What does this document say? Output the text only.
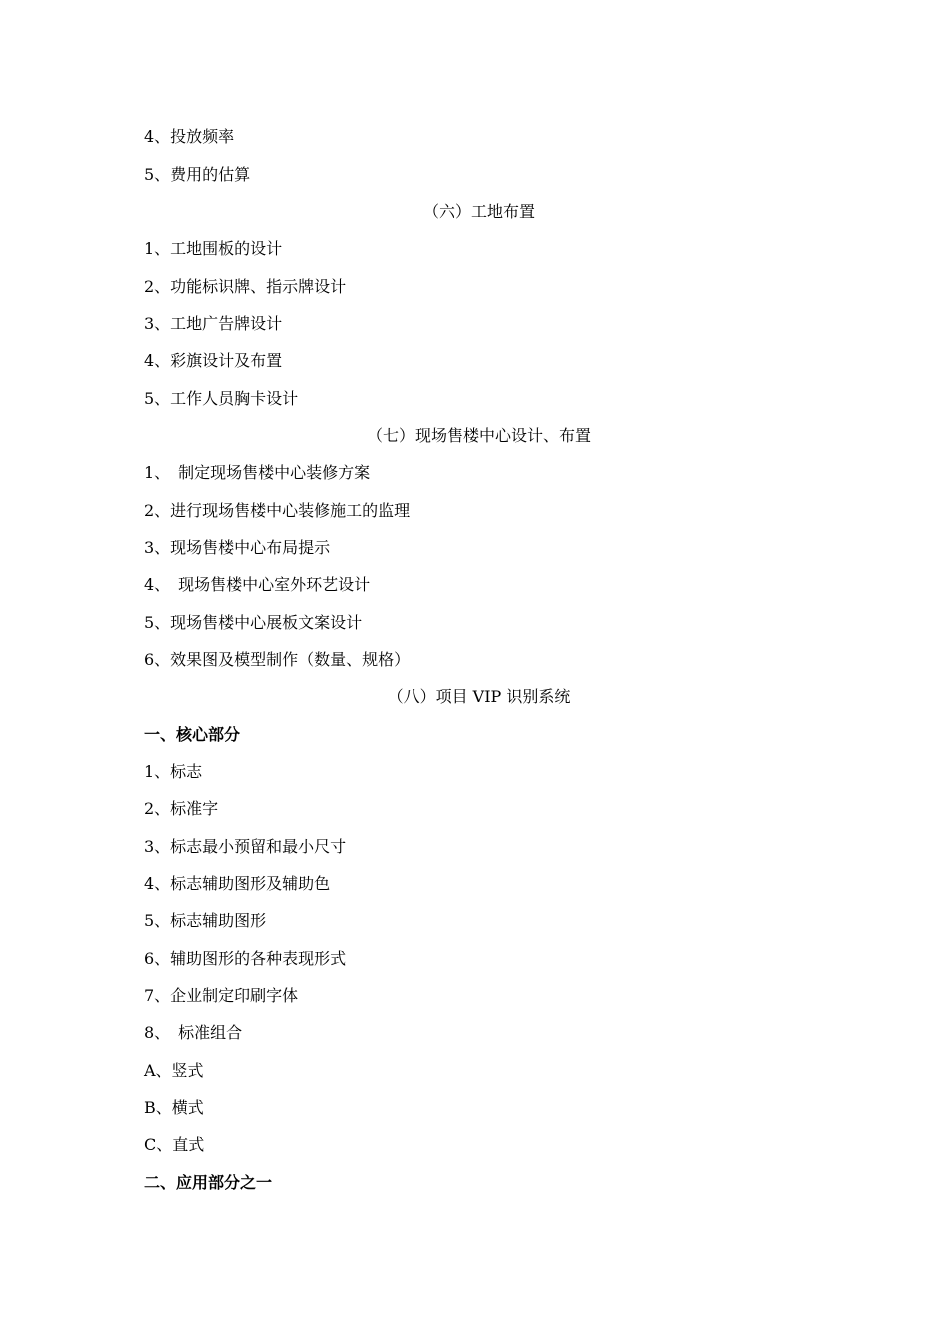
4、投放频率
5、费用的估算
（六）工地布置
1、工地围板的设计
2、功能标识牌、指示牌设计
3、工地广告牌设计
4、彩旗设计及布置
5、工作人员胸卡设计
（七）现场售楼中心设计、布置
1、　制定现场售楼中心装修方案
2、进行现场售楼中心装修施工的监理
3、现场售楼中心布局提示
4、　现场售楼中心室外环艺设计
5、现场售楼中心展板文案设计
6、效果图及模型制作（数量、规格）
（八）项目 VIP 识别系统
一、核心部分
1、标志
2、标准字
3、标志最小预留和最小尺寸
4、标志辅助图形及辅助色
5、标志辅助图形
6、辅助图形的各种表现形式
7、企业制定印刷字体
8、　标准组合
A、竖式
B、横式
C、直式
二、应用部分之一
